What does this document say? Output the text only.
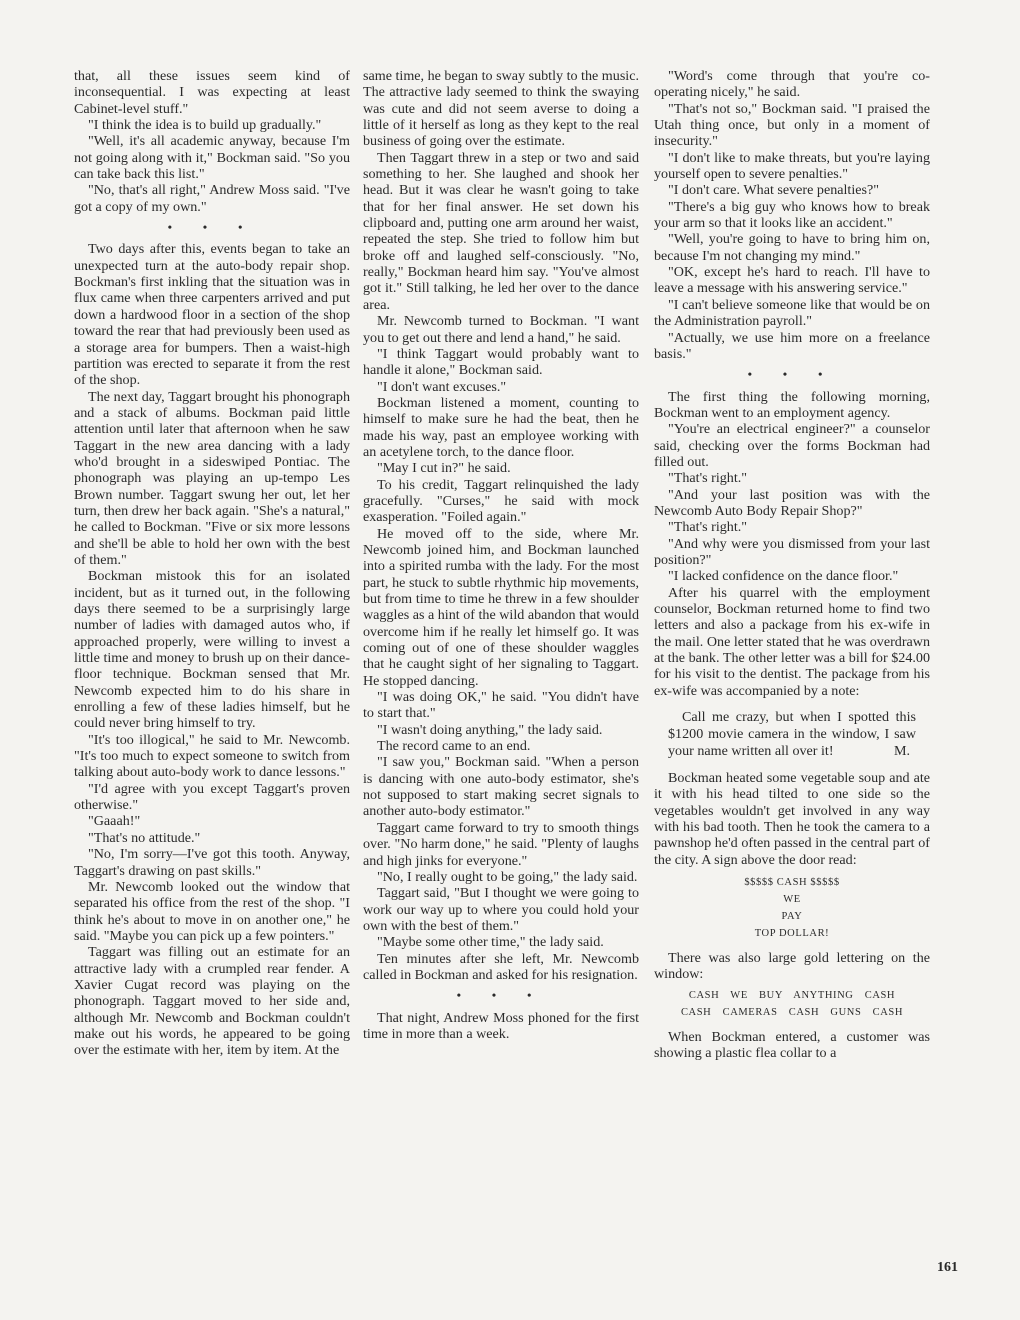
that, all these issues seem kind of inconsequential. I was expecting at least Cabinet-level stuff."

"I think the idea is to build up gradually."

"Well, it's all academic anyway, because I'm not going along with it," Bockman said. "So you can take back this list."

"No, that's all right," Andrew Moss said. "I've got a copy of my own."

• • •

Two days after this, events began to take an unexpected turn at the auto-body repair shop. Bockman's first inkling that the situation was in flux came when three carpenters arrived and put down a hardwood floor in a section of the shop toward the rear that had previously been used as a storage area for bumpers. Then a waist-high partition was erected to separate it from the rest of the shop.

The next day, Taggart brought his phonograph and a stack of albums. Bockman paid little attention until later that afternoon when he saw Taggart in the new area dancing with a lady who'd brought in a sideswiped Pontiac. The phonograph was playing an up-tempo Les Brown number. Taggart swung her out, let her turn, then drew her back again. "She's a natural," he called to Bockman. "Five or six more lessons and she'll be able to hold her own with the best of them."

Bockman mistook this for an isolated incident, but as it turned out, in the following days there seemed to be a surprisingly large number of ladies with damaged autos who, if approached properly, were willing to invest a little time and money to brush up on their dance-floor technique. Bockman sensed that Mr. Newcomb expected him to do his share in enrolling a few of these ladies himself, but he could never bring himself to try.

"It's too illogical," he said to Mr. Newcomb. "It's too much to expect someone to switch from talking about auto-body work to dance lessons."

"I'd agree with you except Taggart's proven otherwise."

"Gaaah!"

"That's no attitude."

"No, I'm sorry—I've got this tooth. Anyway, Taggart's drawing on past skills."

Mr. Newcomb looked out the window that separated his office from the rest of the shop. "I think he's about to move in on another one," he said. "Maybe you can pick up a few pointers."

Taggart was filling out an estimate for an attractive lady with a crumpled rear fender. A Xavier Cugat record was playing on the phonograph. Taggart moved to her side and, although Mr. Newcomb and Bockman couldn't make out his words, he appeared to be going over the estimate with her, item by item. At the

same time, he began to sway subtly to the music. The attractive lady seemed to think the swaying was cute and did not seem averse to doing a little of it herself as long as they kept to the real business of going over the estimate.

Then Taggart threw in a step or two and said something to her. She laughed and shook her head. But it was clear he wasn't going to take that for her final answer. He set down his clipboard and, putting one arm around her waist, repeated the step. She tried to follow him but broke off and laughed self-consciously. "No, really," Bockman heard him say. "You've almost got it." Still talking, he led her over to the dance area.

Mr. Newcomb turned to Bockman. "I want you to get out there and lend a hand," he said.

"I think Taggart would probably want to handle it alone," Bockman said.

"I don't want excuses."

Bockman listened a moment, counting to himself to make sure he had the beat, then he made his way, past an employee working with an acetylene torch, to the dance floor.

"May I cut in?" he said.

To his credit, Taggart relinquished the lady gracefully. "Curses," he said with mock exasperation. "Foiled again."

He moved off to the side, where Mr. Newcomb joined him, and Bockman launched into a spirited rumba with the lady. For the most part, he stuck to subtle rhythmic hip movements, but from time to time he threw in a few shoulder waggles as a hint of the wild abandon that would overcome him if he really let himself go. It was coming out of one of these shoulder waggles that he caught sight of her signaling to Taggart. He stopped dancing.

"I was doing OK," he said. "You didn't have to start that."

"I wasn't doing anything," the lady said.

The record came to an end.

"I saw you," Bockman said. "When a person is dancing with one auto-body estimator, she's not supposed to start making secret signals to another auto-body estimator."

Taggart came forward to try to smooth things over. "No harm done," he said. "Plenty of laughs and high jinks for everyone."

"No, I really ought to be going," the lady said.

Taggart said, "But I thought we were going to work our way up to where you could hold your own with the best of them."

"Maybe some other time," the lady said.

Ten minutes after she left, Mr. Newcomb called in Bockman and asked for his resignation.

• • •

That night, Andrew Moss phoned for the first time in more than a week.

"Word's come through that you're co-operating nicely," he said.

"That's not so," Bockman said. "I praised the Utah thing once, but only in a moment of insecurity."

"I don't like to make threats, but you're laying yourself open to severe penalties."

"I don't care. What severe penalties?"

"There's a big guy who knows how to break your arm so that it looks like an accident."

"Well, you're going to have to bring him on, because I'm not changing my mind."

"OK, except he's hard to reach. I'll have to leave a message with his answering service."

"I can't believe someone like that would be on the Administration payroll."

"Actually, we use him more on a freelance basis."

• • •

The first thing the following morning, Bockman went to an employment agency.

"You're an electrical engineer?" a counselor said, checking over the forms Bockman had filled out.

"That's right."

"And your last position was with the Newcomb Auto Body Repair Shop?"

"That's right."

"And why were you dismissed from your last position?"

"I lacked confidence on the dance floor."

After his quarrel with the employment counselor, Bockman returned home to find two letters and also a package from his ex-wife in the mail. One letter stated that he was overdrawn at the bank. The other letter was a bill for $24.00 for his visit to the dentist. The package from his ex-wife was accompanied by a note:

Call me crazy, but when I spotted this $1200 movie camera in the window, I saw your name written all over it!	M.

Bockman heated some vegetable soup and ate it with his head tilted to one side so the vegetables wouldn't get involved in any way with his bad tooth. Then he took the camera to a pawnshop he'd often passed in the central part of the city. A sign above the door read:

$$$$$ CASH $$$$$
WE
PAY
TOP DOLLAR!

There was also large gold lettering on the window:

CASH WE BUY ANYTHING CASH
CASH CAMERAS CASH GUNS CASH

When Bockman entered, a customer was showing a plastic flea collar to a

161
